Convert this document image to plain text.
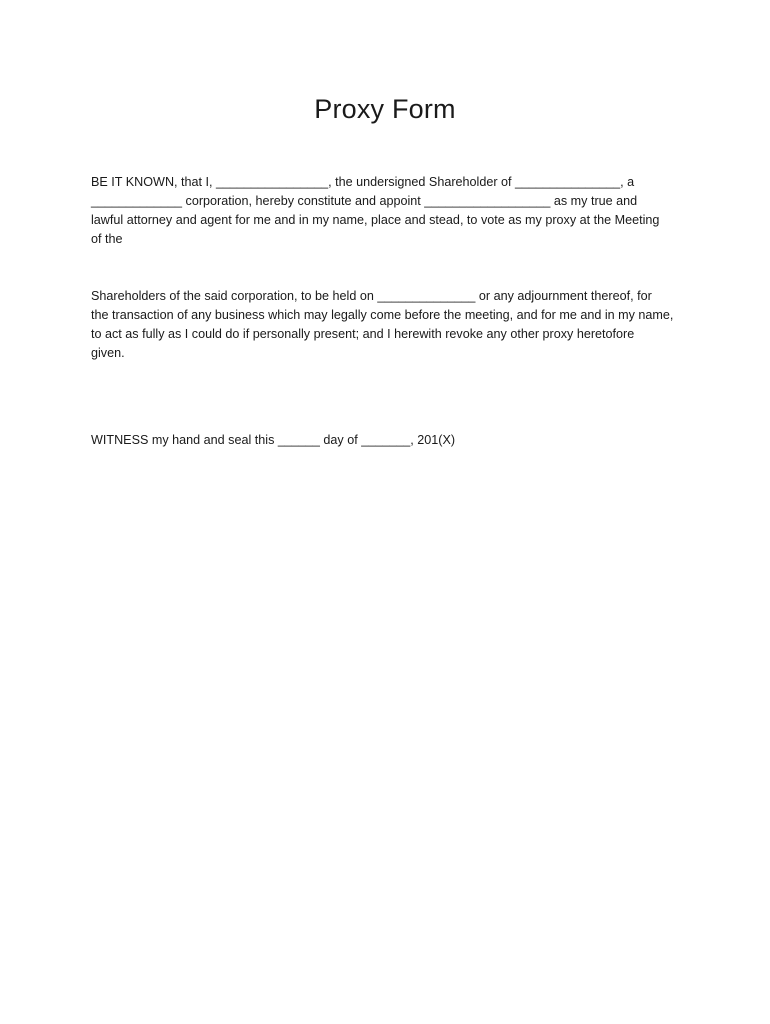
Proxy Form

BE IT KNOWN, that I, ________________, the undersigned Shareholder of _______________, a
_____________ corporation, hereby constitute and appoint __________________ as my true and
lawful attorney and agent for me and in my name, place and stead, to vote as my proxy at the Meeting
of the

Shareholders of the said corporation, to be held on ______________ or any adjournment thereof, for
the transaction of any business which may legally come before the meeting, and for me and in my name,
to act as fully as I could do if personally present; and I herewith revoke any other proxy heretofore
given.

WITNESS my hand and seal this ______ day of _______, 201(X)
